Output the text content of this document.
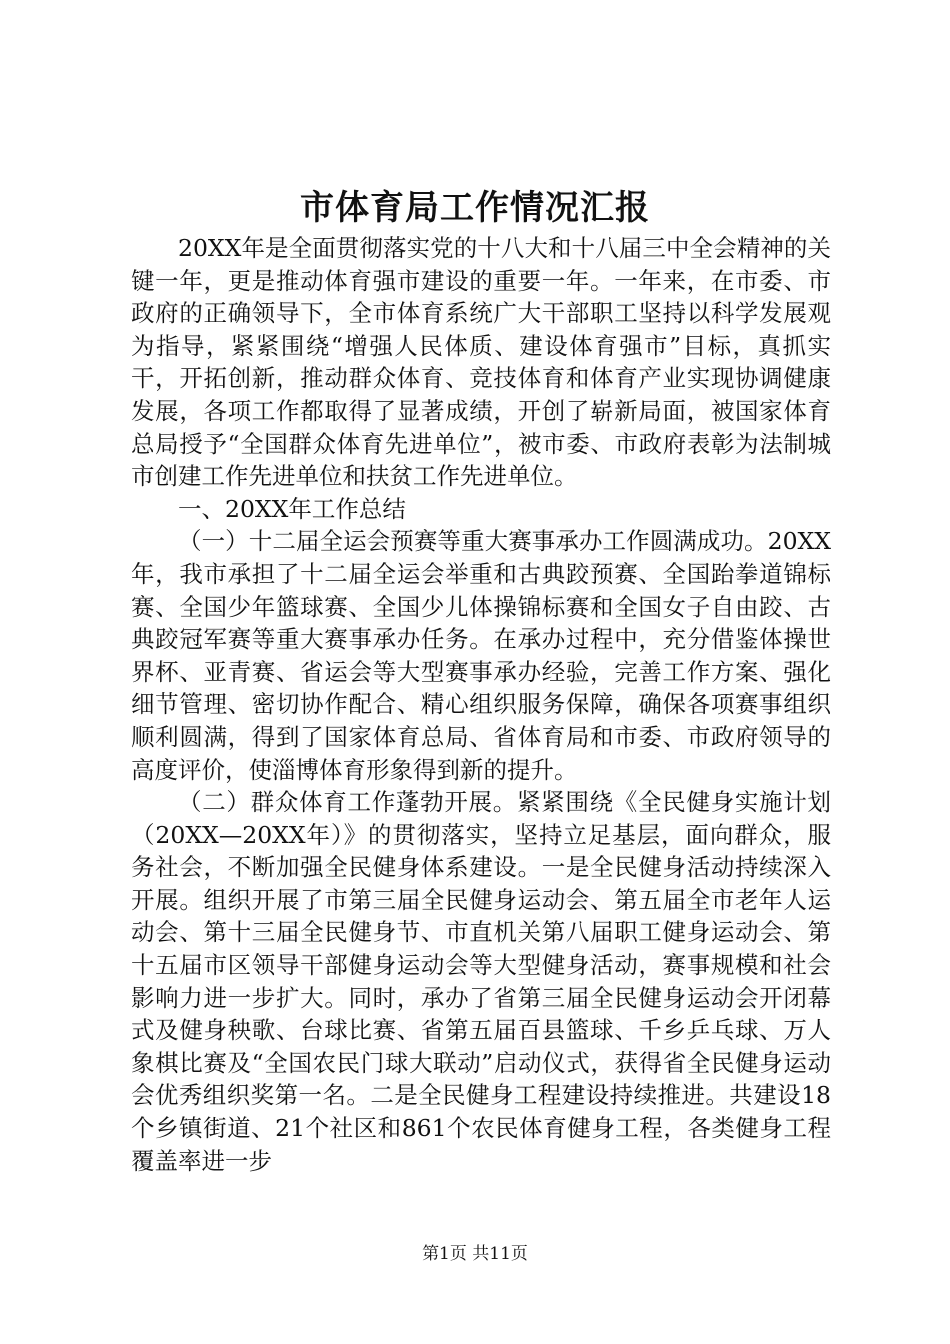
市体育局工作情况汇报

20XX年是全面贯彻落实党的十八大和十八届三中全会精神的关键一年，更是推动体育强市建设的重要一年。一年来，在市委、市政府的正确领导下，全市体育系统广大干部职工坚持以科学发展观为指导，紧紧围绕“增强人民体质、建设体育强市”目标，真抓实干，开拓创新，推动群众体育、竞技体育和体育产业实现协调健康发展，各项工作都取得了显著成绩，开创了崭新局面，被国家体育总局授予“全国群众体育先进单位”，被市委、市政府表彰为法制城市创建工作先进单位和扶贫工作先进单位。

一、20XX年工作总结

（一）十二届全运会预赛等重大赛事承办工作圆满成功。20XX年，我市承担了十二届全运会举重和古典跤预赛、全国跆拳道锦标赛、全国少年篮球赛、全国少儿体操锦标赛和全国女子自由跤、古典跤冠军赛等重大赛事承办任务。在承办过程中，充分借鉴体操世界杯、亚青赛、省运会等大型赛事承办经验，完善工作方案、强化细节管理、密切协作配合、精心组织服务保障，确保各项赛事组织顺利圆满，得到了国家体育总局、省体育局和市委、市政府领导的高度评价，使淄博体育形象得到新的提升。

（二）群众体育工作蓬勃开展。紧紧围绕《全民健身实施计划（20XX—20XX年）》的贯彻落实，坚持立足基层，面向群众，服务社会，不断加强全民健身体系建设。一是全民健身活动持续深入开展。组织开展了市第三届全民健身运动会、第五届全市老年人运动会、第十三届全民健身节、市直机关第八届职工健身运动会、第十五届市区领导干部健身运动会等大型健身活动，赛事规模和社会影响力进一步扩大。同时，承办了省第三届全民健身运动会开闭幕式及健身秧歌、台球比赛、省第五届百县篮球、千乡乒乓球、万人象棋比赛及“全国农民门球大联动”启动仪式，获得省全民健身运动会优秀组织奖第一名。二是全民健身工程建设持续推进。共建设18个乡镇街道、21个社区和861个农民体育健身工程，各类健身工程覆盖率进一步

第1页 共11页
